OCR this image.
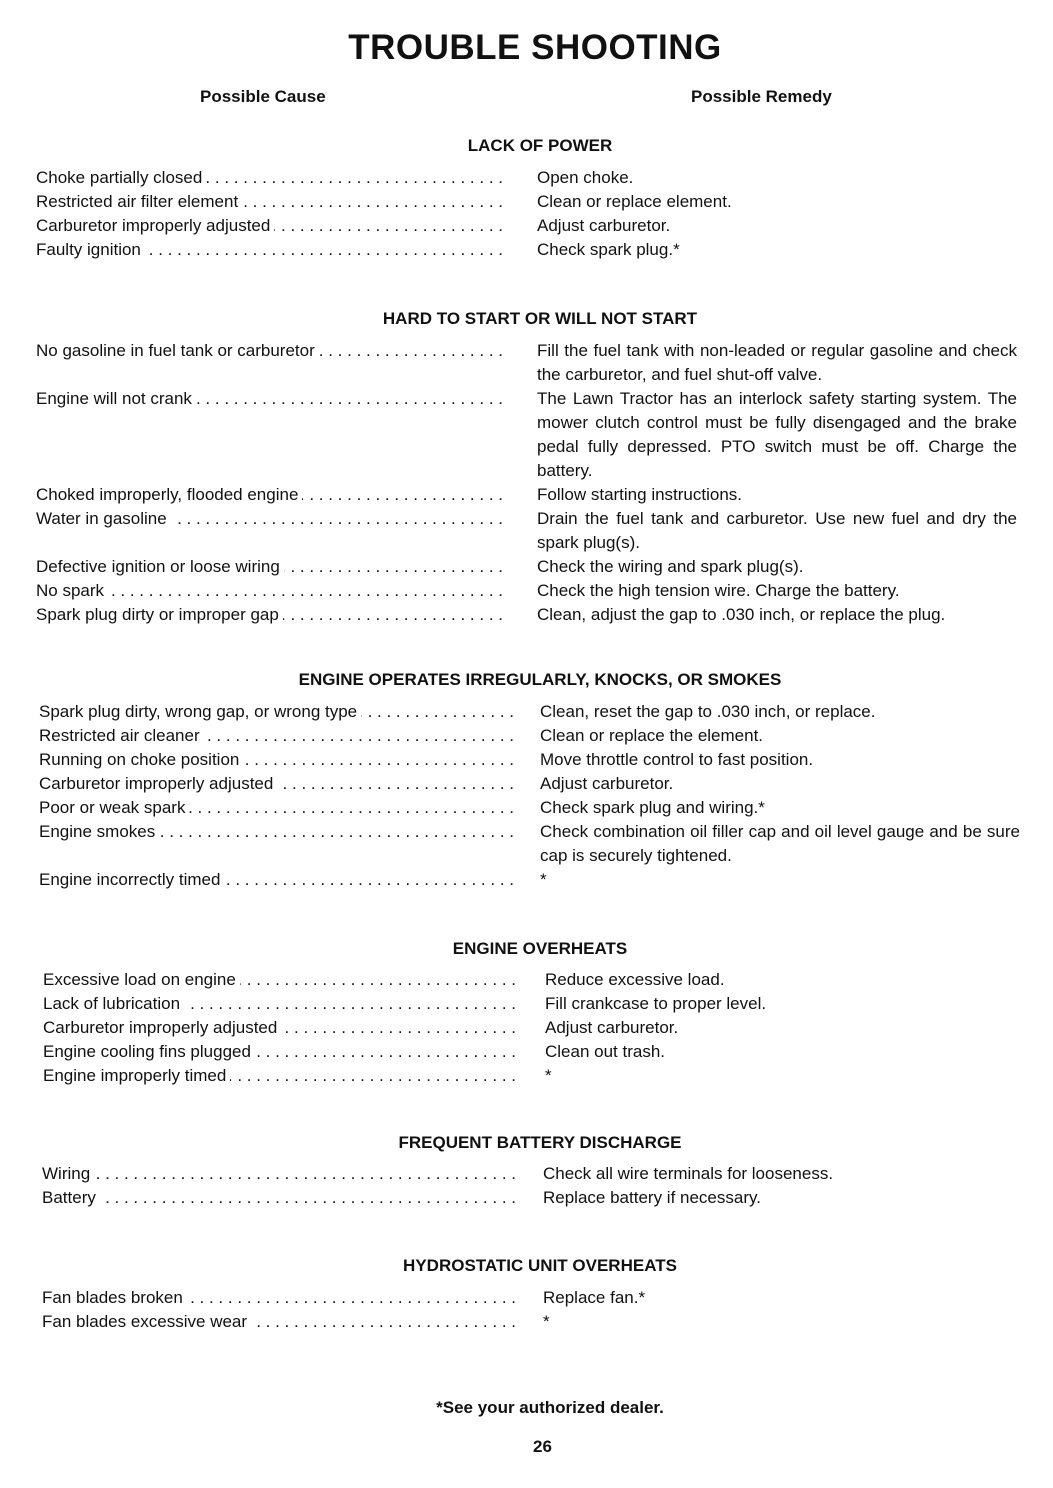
TROUBLE SHOOTING
Possible Cause	Possible Remedy
LACK OF POWER
Choke partially closed . . .	Open choke.
Restricted air filter element . . .	Clean or replace element.
Carburetor improperly adjusted . . .	Adjust carburetor.
Faulty ignition . . .	Check spark plug.*
HARD TO START OR WILL NOT START
No gasoline in fuel tank or carburetor . . .	Fill the fuel tank with non-leaded or regular gasoline and check the carburetor, and fuel shut-off valve.
Engine will not crank . . .	The Lawn Tractor has an interlock safety starting system. The mower clutch control must be fully disengaged and the brake pedal fully depressed. PTO switch must be off. Charge the battery.
Choked improperly, flooded engine . . .	Follow starting instructions.
Water in gasoline . . .	Drain the fuel tank and carburetor. Use new fuel and dry the spark plug(s).
Defective ignition or loose wiring . . .	Check the wiring and spark plug(s).
No spark . . .	Check the high tension wire. Charge the battery.
Spark plug dirty or improper gap . . .	Clean, adjust the gap to .030 inch, or replace the plug.
ENGINE OPERATES IRREGULARLY, KNOCKS, OR SMOKES
Spark plug dirty, wrong gap, or wrong type . . .	Clean, reset the gap to .030 inch, or replace.
Restricted air cleaner . . .	Clean or replace the element.
Running on choke position . . .	Move throttle control to fast position.
Carburetor improperly adjusted . . .	Adjust carburetor.
Poor or weak spark . . .	Check spark plug and wiring.*
Engine smokes . . .	Check combination oil filler cap and oil level gauge and be sure cap is securely tightened.
Engine incorrectly timed . . .	*
ENGINE OVERHEATS
Excessive load on engine . . .	Reduce excessive load.
Lack of lubrication . . .	Fill crankcase to proper level.
Carburetor improperly adjusted . . .	Adjust carburetor.
Engine cooling fins plugged . . .	Clean out trash.
Engine improperly timed . . .	*
FREQUENT BATTERY DISCHARGE
Wiring . . .	Check all wire terminals for looseness.
Battery . . .	Replace battery if necessary.
HYDROSTATIC UNIT OVERHEATS
Fan blades broken . . .	Replace fan.*
Fan blades excessive wear . . .	*
*See your authorized dealer.
26
